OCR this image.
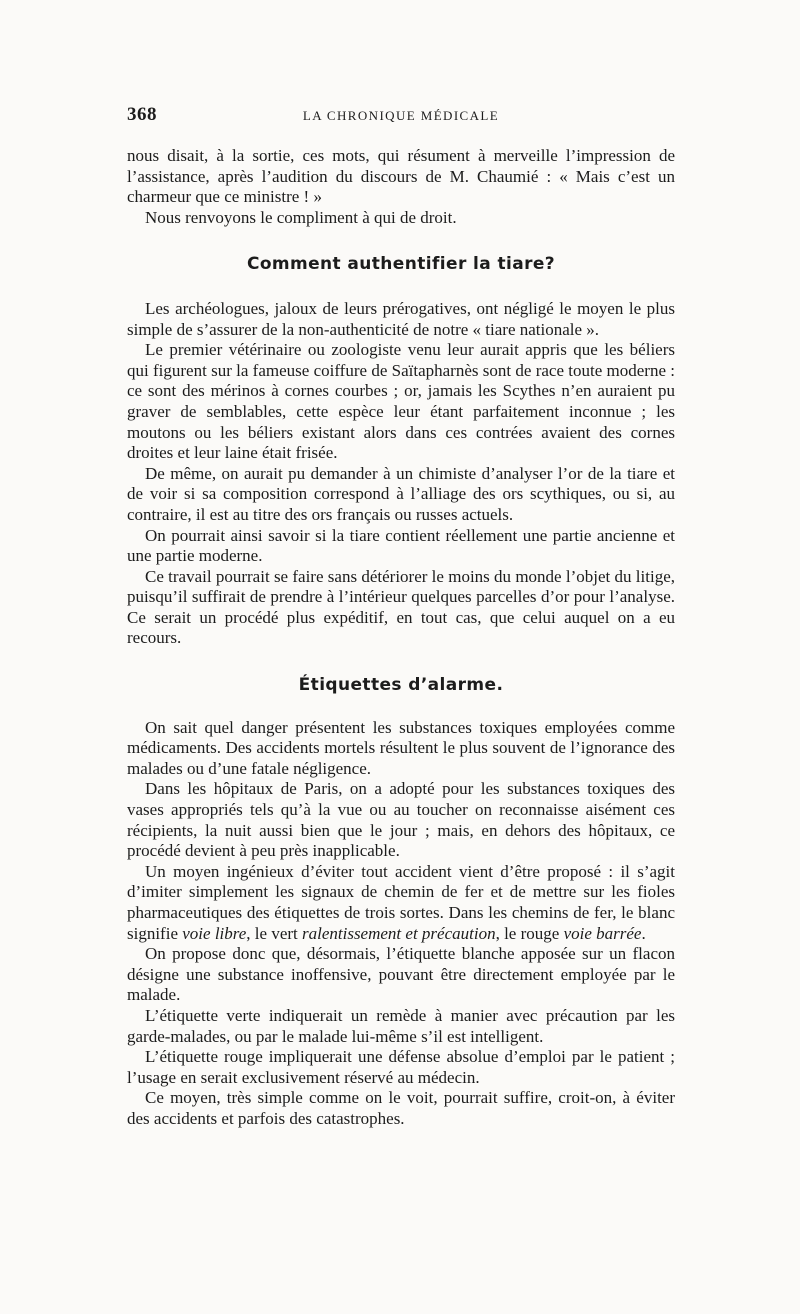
368	LA CHRONIQUE MÉDICALE

nous disait, à la sortie, ces mots, qui résument à merveille l’impression de l’assistance, après l’audition du discours de M. Chaumié : « Mais c’est un charmeur que ce ministre ! »

Nous renvoyons le compliment à qui de droit.

Comment authentifier la tiare?

Les archéologues, jaloux de leurs prérogatives, ont négligé le moyen le plus simple de s’assurer de la non-authenticité de notre « tiare nationale ».

Le premier vétérinaire ou zoologiste venu leur aurait appris que les béliers qui figurent sur la fameuse coiffure de Saïtapharnès sont de race toute moderne : ce sont des mérinos à cornes courbes ; or, jamais les Scythes n’en auraient pu graver de semblables, cette espèce leur étant parfaitement inconnue ; les moutons ou les béliers existant alors dans ces contrées avaient des cornes droites et leur laine était frisée.

De même, on aurait pu demander à un chimiste d’analyser l’or de la tiare et de voir si sa composition correspond à l’alliage des ors scythiques, ou si, au contraire, il est au titre des ors français ou russes actuels.

On pourrait ainsi savoir si la tiare contient réellement une partie ancienne et une partie moderne.

Ce travail pourrait se faire sans détériorer le moins du monde l’objet du litige, puisqu’il suffirait de prendre à l’intérieur quelques parcelles d’or pour l’analyse. Ce serait un procédé plus expéditif, en tout cas, que celui auquel on a eu recours.

Étiquettes d’alarme.

On sait quel danger présentent les substances toxiques employées comme médicaments. Des accidents mortels résultent le plus souvent de l’ignorance des malades ou d’une fatale négligence.

Dans les hôpitaux de Paris, on a adopté pour les substances toxiques des vases appropriés tels qu’à la vue ou au toucher on reconnaisse aisément ces récipients, la nuit aussi bien que le jour ; mais, en dehors des hôpitaux, ce procédé devient à peu près inapplicable.

Un moyen ingénieux d’éviter tout accident vient d’être proposé : il s’agit d’imiter simplement les signaux de chemin de fer et de mettre sur les fioles pharmaceutiques des étiquettes de trois sortes. Dans les chemins de fer, le blanc signifie voie libre, le vert ralentissement et précaution, le rouge voie barrée.

On propose donc que, désormais, l’étiquette blanche apposée sur un flacon désigne une substance inoffensive, pouvant être directement employée par le malade.

L’étiquette verte indiquerait un remède à manier avec précaution par les garde-malades, ou par le malade lui-même s’il est intelligent.

L’étiquette rouge impliquerait une défense absolue d’emploi par le patient ; l’usage en serait exclusivement réservé au médecin.

Ce moyen, très simple comme on le voit, pourrait suffire, croit-on, à éviter des accidents et parfois des catastrophes.
